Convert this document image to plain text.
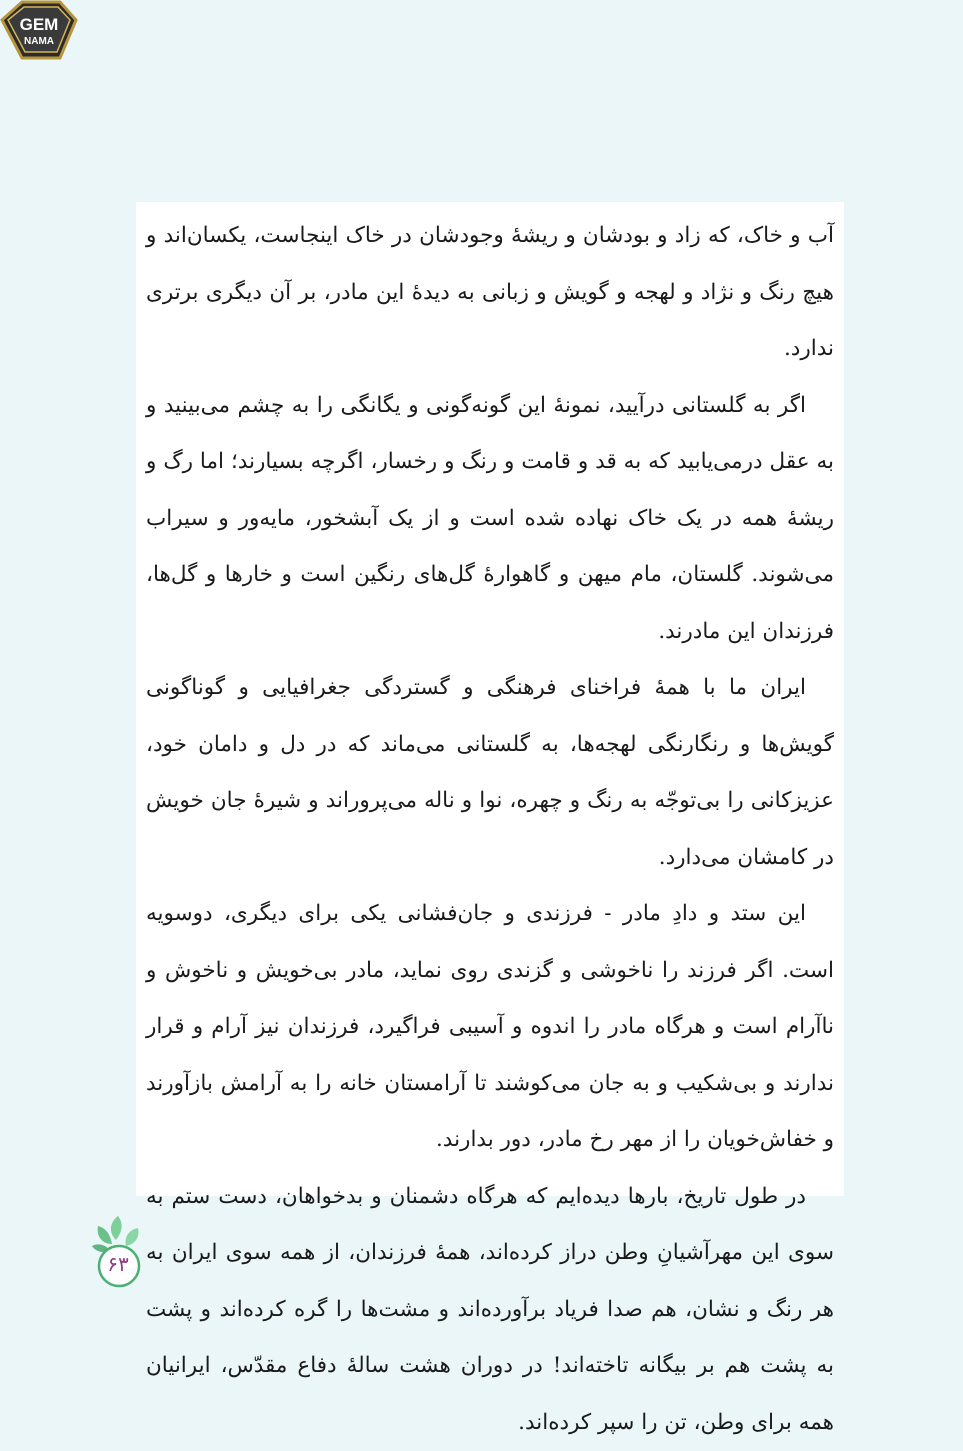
GEM
NAMA

آب و خاک، که زاد و بودشان و ریشهٔ وجودشان در خاک اینجاست، یکسان‌اند و هیچ رنگ و نژاد و لهجه و گویش و زبانی به دیدهٔ این مادر، بر آن دیگری برتری ندارد.

اگر به گلستانی درآیید، نمونهٔ این گونه‌گونی و یگانگی را به چشم می‌بینید و به عقل درمی‌یابید که به قد و قامت و رنگ و رخسار، اگرچه بسیارند؛ اما رگ و ریشهٔ همه در یک خاک نهاده شده است و از یک آبشخور، مایه‌ور و سیراب می‌شوند. گلستان، مام میهن و گاهوارهٔ گل‌های رنگین است و خارها و گل‌ها، فرزندان این مادرند.

ایران ما با همهٔ فراخنای فرهنگی و گستردگی جغرافیایی و گوناگونی گویش‌ها و رنگارنگی لهجه‌ها، به گلستانی می‌ماند که در دل و دامان خود، عزیزکانی را بی‌توجّه به رنگ و چهره، نوا و ناله می‌پروراند و شیرهٔ جان خویش در کامشان می‌دارد.

این ستد و دادِ مادر - فرزندی و جان‌فشانی یکی برای دیگری، دوسویه است. اگر فرزند را ناخوشی و گزندی روی نماید، مادر بی‌خویش و ناخوش و ناآرام است و هرگاه مادر را اندوه و آسیبی فراگیرد، فرزندان نیز آرام و قرار ندارند و بی‌شکیب و به جان می‌کوشند تا آرامستان خانه را به آرامش بازآورند و خفاش‌خویان را از مهر رخ مادر، دور بدارند.

در طول تاریخ، بارها دیده‌ایم که هرگاه دشمنان و بدخواهان، دست ستم به سوی این مهرآشیانِ وطن دراز کرده‌اند، همهٔ فرزندان، از همه سوی ایران به هر رنگ و نشان، هم صدا فریاد برآورده‌اند و مشت‌ها را گره کرده‌اند و پشت به پشت هم بر بیگانه تاخته‌اند! در دوران هشت سالهٔ دفاع مقدّس، ایرانیان همه برای وطن، تن را سپر کرده‌اند.

۶۳
